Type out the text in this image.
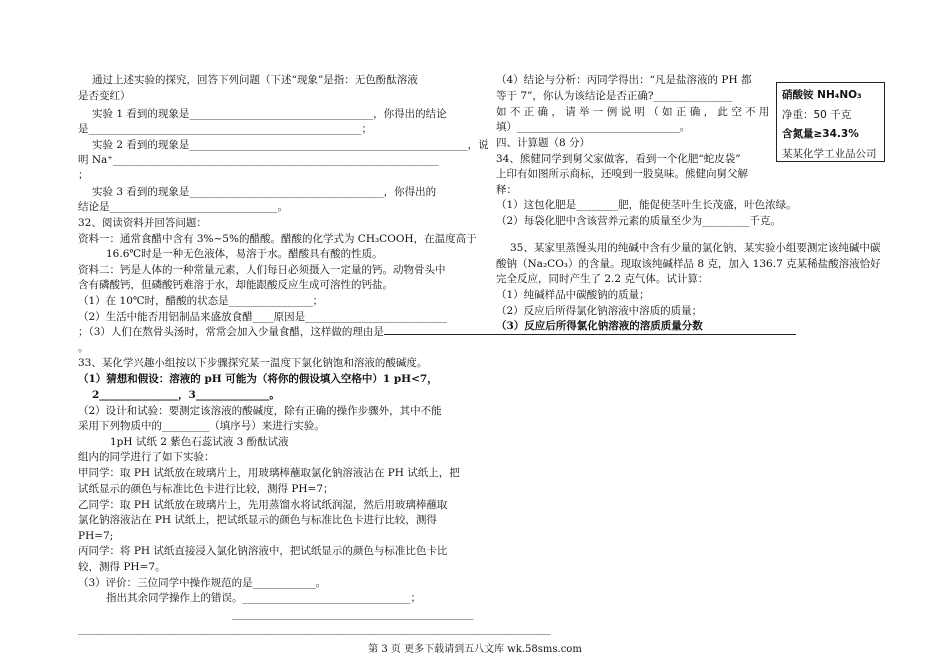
通过上述实验的探究，回答下列问题（下述“现象”是指：无色酚酞溶液
是否变红）
实验 1 看到的现象是___________________________________，你得出的结论
是____________________________________________________；
实验 2 看到的现象是_____________________________________________________，说
明 Na⁺______________________________________________________________
；
实验 3 看到的现象是_____________________________________，你得出的
结论是________________________________。
32、阅读资料并回答问题：
资料一：通常食醋中含有 3%~5%的醋酸。醋酸的化学式为 CH₃COOH，在温度高于
16.6℃时是一种无色液体，易溶于水。醋酸具有酸的性质。
资料二：钙是人体的一种常量元素，人们每日必须摄入一定量的钙。动物骨头中
含有磷酸钙，但磷酸钙难溶于水，却能跟酸反应生成可溶性的钙盐。
（1）在 10℃时，醋酸的状态是________________；
（2）生活中能否用铝制品来盛放食醋____原因是___________________________
；（3）人们在熬骨头汤时，常常会加入少量食醋，这样做的理由是
。
33、某化学兴趣小组按以下步骤探究某一温度下氯化钠饱和溶液的酸碱度。
（1）猜想和假设：溶液的 pH 可能为（将你的假设填入空格中）1 pH<7，
2_______________，3______________。
（2）设计和试验：要测定该溶液的酸碱度，除有正确的操作步骤外，其中不能
采用下列物质中的_________（填序号）来进行实验。
1pH 试纸 2 紫色石蕊试液 3 酚酞试液
组内的同学进行了如下实验：
甲同学：取 PH 试纸放在玻璃片上，用玻璃棒蘸取氯化钠溶液沾在 PH 试纸上，把
试纸显示的颜色与标准比色卡进行比较，测得 PH=7；
乙同学：取 PH 试纸放在玻璃片上，先用蒸馏水将试纸润湿，然后用玻璃棒蘸取
氯化钠溶液沾在 PH 试纸上，把试纸显示的颜色与标准比色卡进行比较，测得
PH=7;
丙同学：将 PH 试纸直接浸入氯化钠溶液中，把试纸显示的颜色与标准比色卡比
较，测得 PH=7。
（3）评价：三位同学中操作规范的是____________。
指出其余同学操作上的错误。________________________________；
______________________________________________
__________________________________________________________________________________________
（4）结论与分析：丙同学得出：“凡是盐溶液的 PH 都
等于 7”，你认为该结论是否正确?_______________
如 不 正 确 ， 请 举 一 例 说 明 （ 如 正 确 ， 此 空 不 用
填）_______________________________。
四、计算题（8 分）
34、熊健同学到舅父家做客，看到一个化肥“蛇皮袋”
上印有如图所示商标，还嗅到一股臭味。熊健向舅父解
释：
（1）这包化肥是________肥，能促使茎叶生长茂盛，叶色浓绿。
（2）每袋化肥中含该营养元素的质量至少为_________千克。
35、某家里蒸馒头用的纯碱中含有少量的氯化钠，某实验小组要测定该纯碱中碳
酸钠（Na₂CO₃）的含量。现取该纯碱样品 8 克，加入 136.7 克某稀盐酸溶液恰好
完全反应，同时产生了 2.2 克气体。试计算：
（1）纯碱样品中碳酸钠的质量；
（2）反应后所得氯化钠溶液中溶质的质量；
（3）反应后所得氯化钠溶液的溶质质量分数
硝酸铵 NH₄NO₃
净重：50 千克
含氮量≥34.3%
某某化学工业品公司
第 3 页 更多下载请到五八文库 wk.58sms.com
